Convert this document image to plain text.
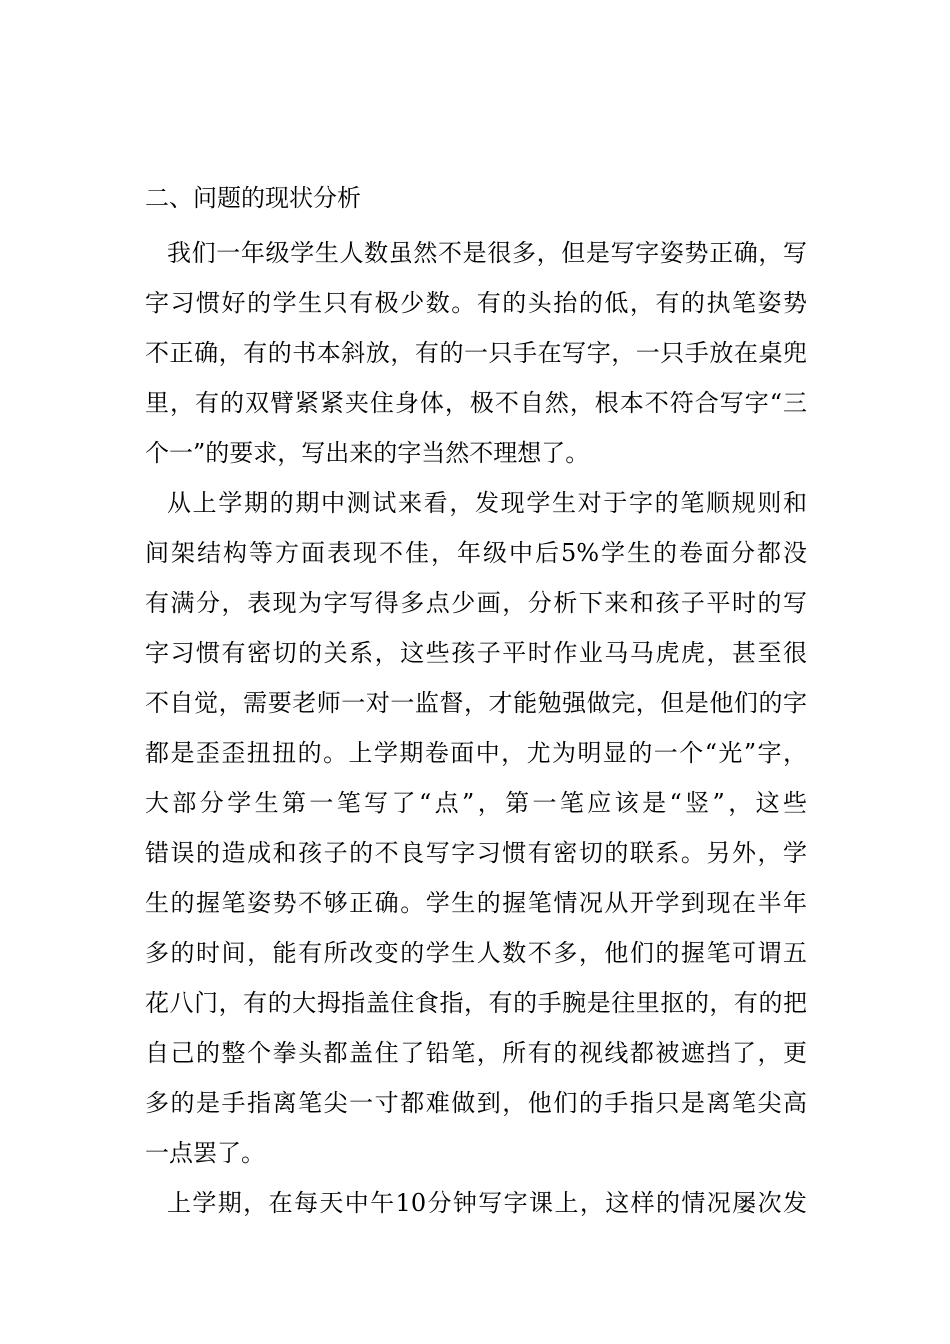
二、问题的现状分析
我们一年级学生人数虽然不是很多，但是写字姿势正确，写
字习惯好的学生只有极少数。有的头抬的低，有的执笔姿势
不正确，有的书本斜放，有的一只手在写字，一只手放在桌兜
里，有的双臂紧紧夹住身体，极不自然，根本不符合写字“三
个一”的要求，写出来的字当然不理想了。
从上学期的期中测试来看，发现学生对于字的笔顺规则和
间架结构等方面表现不佳，年级中后5%学生的卷面分都没
有满分，表现为字写得多点少画，分析下来和孩子平时的写
字习惯有密切的关系，这些孩子平时作业马马虎虎，甚至很
不自觉，需要老师一对一监督，才能勉强做完，但是他们的字
都是歪歪扭扭的。上学期卷面中，尤为明显的一个“光”字，
大部分学生第一笔写了“点”，第一笔应该是“竖”，这些
错误的造成和孩子的不良写字习惯有密切的联系。另外，学
生的握笔姿势不够正确。学生的握笔情况从开学到现在半年
多的时间，能有所改变的学生人数不多，他们的握笔可谓五
花八门，有的大拇指盖住食指，有的手腕是往里抠的，有的把
自己的整个拳头都盖住了铅笔，所有的视线都被遮挡了，更
多的是手指离笔尖一寸都难做到，他们的手指只是离笔尖高
一点罢了。
上学期，在每天中午10分钟写字课上，这样的情况屡次发
